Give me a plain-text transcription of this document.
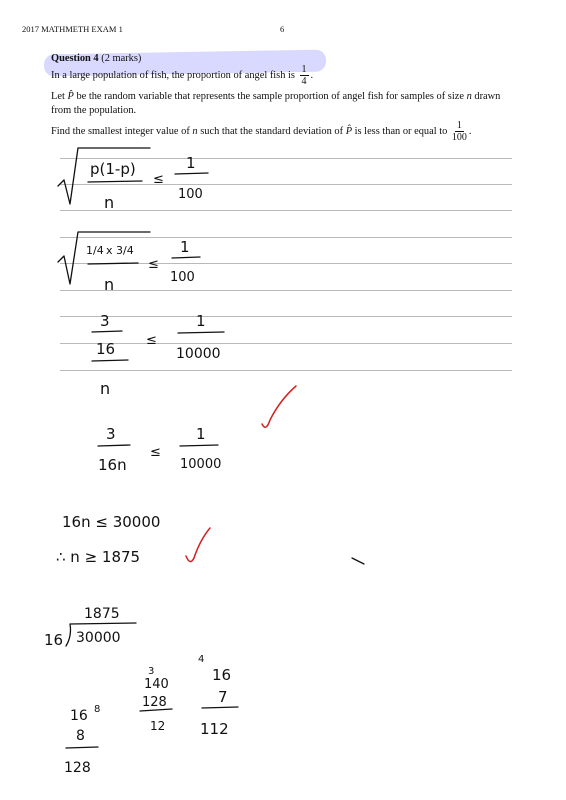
2017 MATHMETH EXAM 1	6
Question 4 (2 marks)
In a large population of fish, the proportion of angel fish is $\frac{1}{4}$ .
Let P̂ be the random variable that represents the sample proportion of angel fish for samples of size n drawn
from the population.
Find the smallest integer value of n such that the standard deviation of P̂ is less than or equal to $\frac{1}{100}$ .
p(1-p)
n
≤
1
100
1/4 x 3/4
n
≤
1
100
3
16
n
≤
1
10000
3
16n
≤
1
10000
16n ≤ 30000
∴ n ≥ 1875
1875
16 30000
16 8
8
128
3
140
128
12
4
16
7
112
